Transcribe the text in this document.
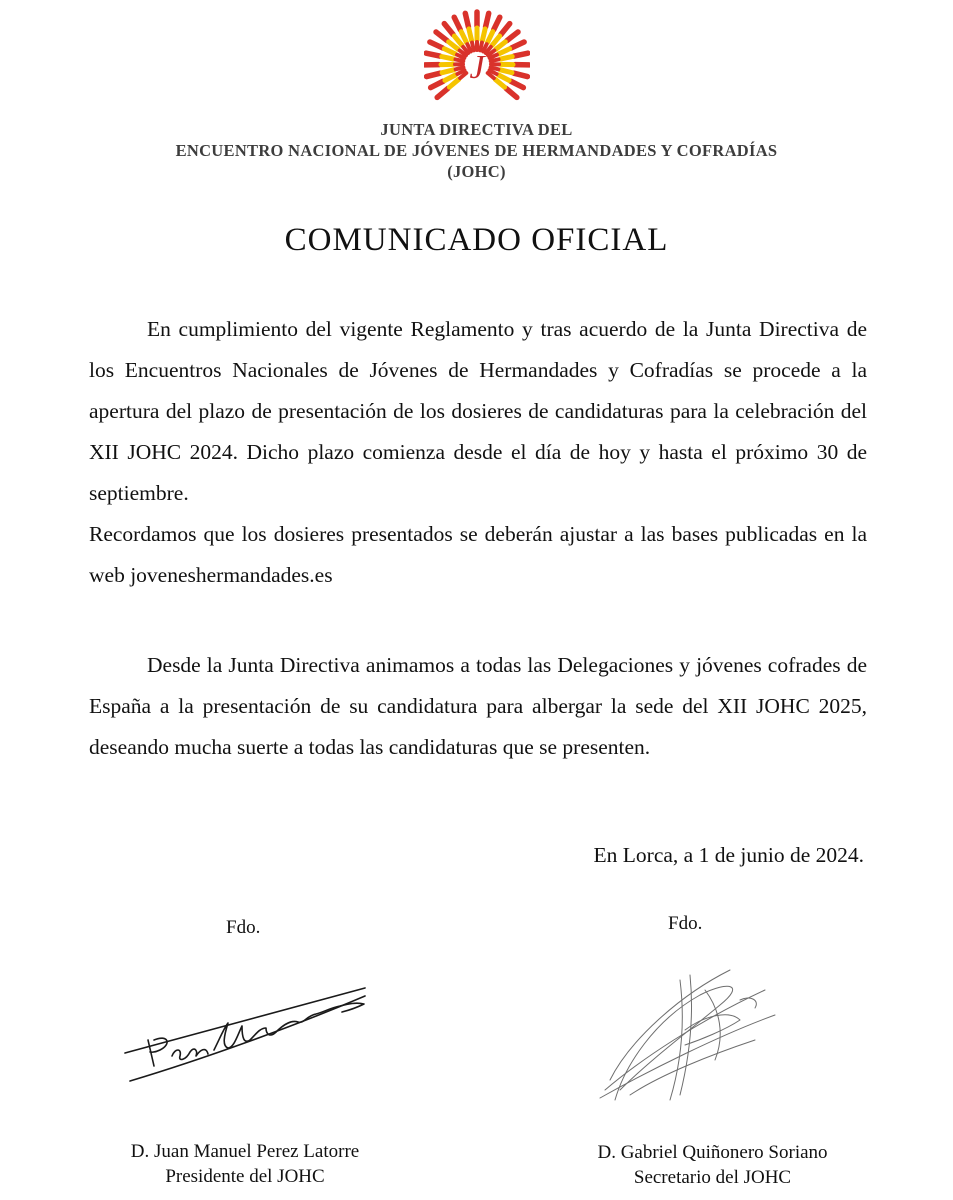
J
JUNTA DIRECTIVA DEL
ENCUENTRO NACIONAL DE JÓVENES DE HERMANDADES Y COFRADÍAS
(JOHC)
COMUNICADO OFICIAL
En cumplimiento del vigente Reglamento y tras acuerdo de la Junta Directiva de los Encuentros Nacionales de Jóvenes de Hermandades y Cofradías se procede a la apertura del plazo de presentación de los dosieres de candidaturas para la celebración del XII JOHC 2024. Dicho plazo comienza desde el día de hoy y hasta el próximo 30 de septiembre.
Recordamos que los dosieres presentados se deberán ajustar a las bases publicadas en la web joveneshermandades.es
Desde la Junta Directiva animamos a todas las Delegaciones y jóvenes cofrades de España a la presentación de su candidatura para albergar la sede del XII JOHC 2025, deseando mucha suerte a todas las candidaturas que se presenten.
En Lorca, a 1 de junio de 2024.
Fdo.	Fdo.
D. Juan Manuel Perez Latorre
Presidente del JOHC
D. Gabriel Quiñonero Soriano
Secretario del JOHC
